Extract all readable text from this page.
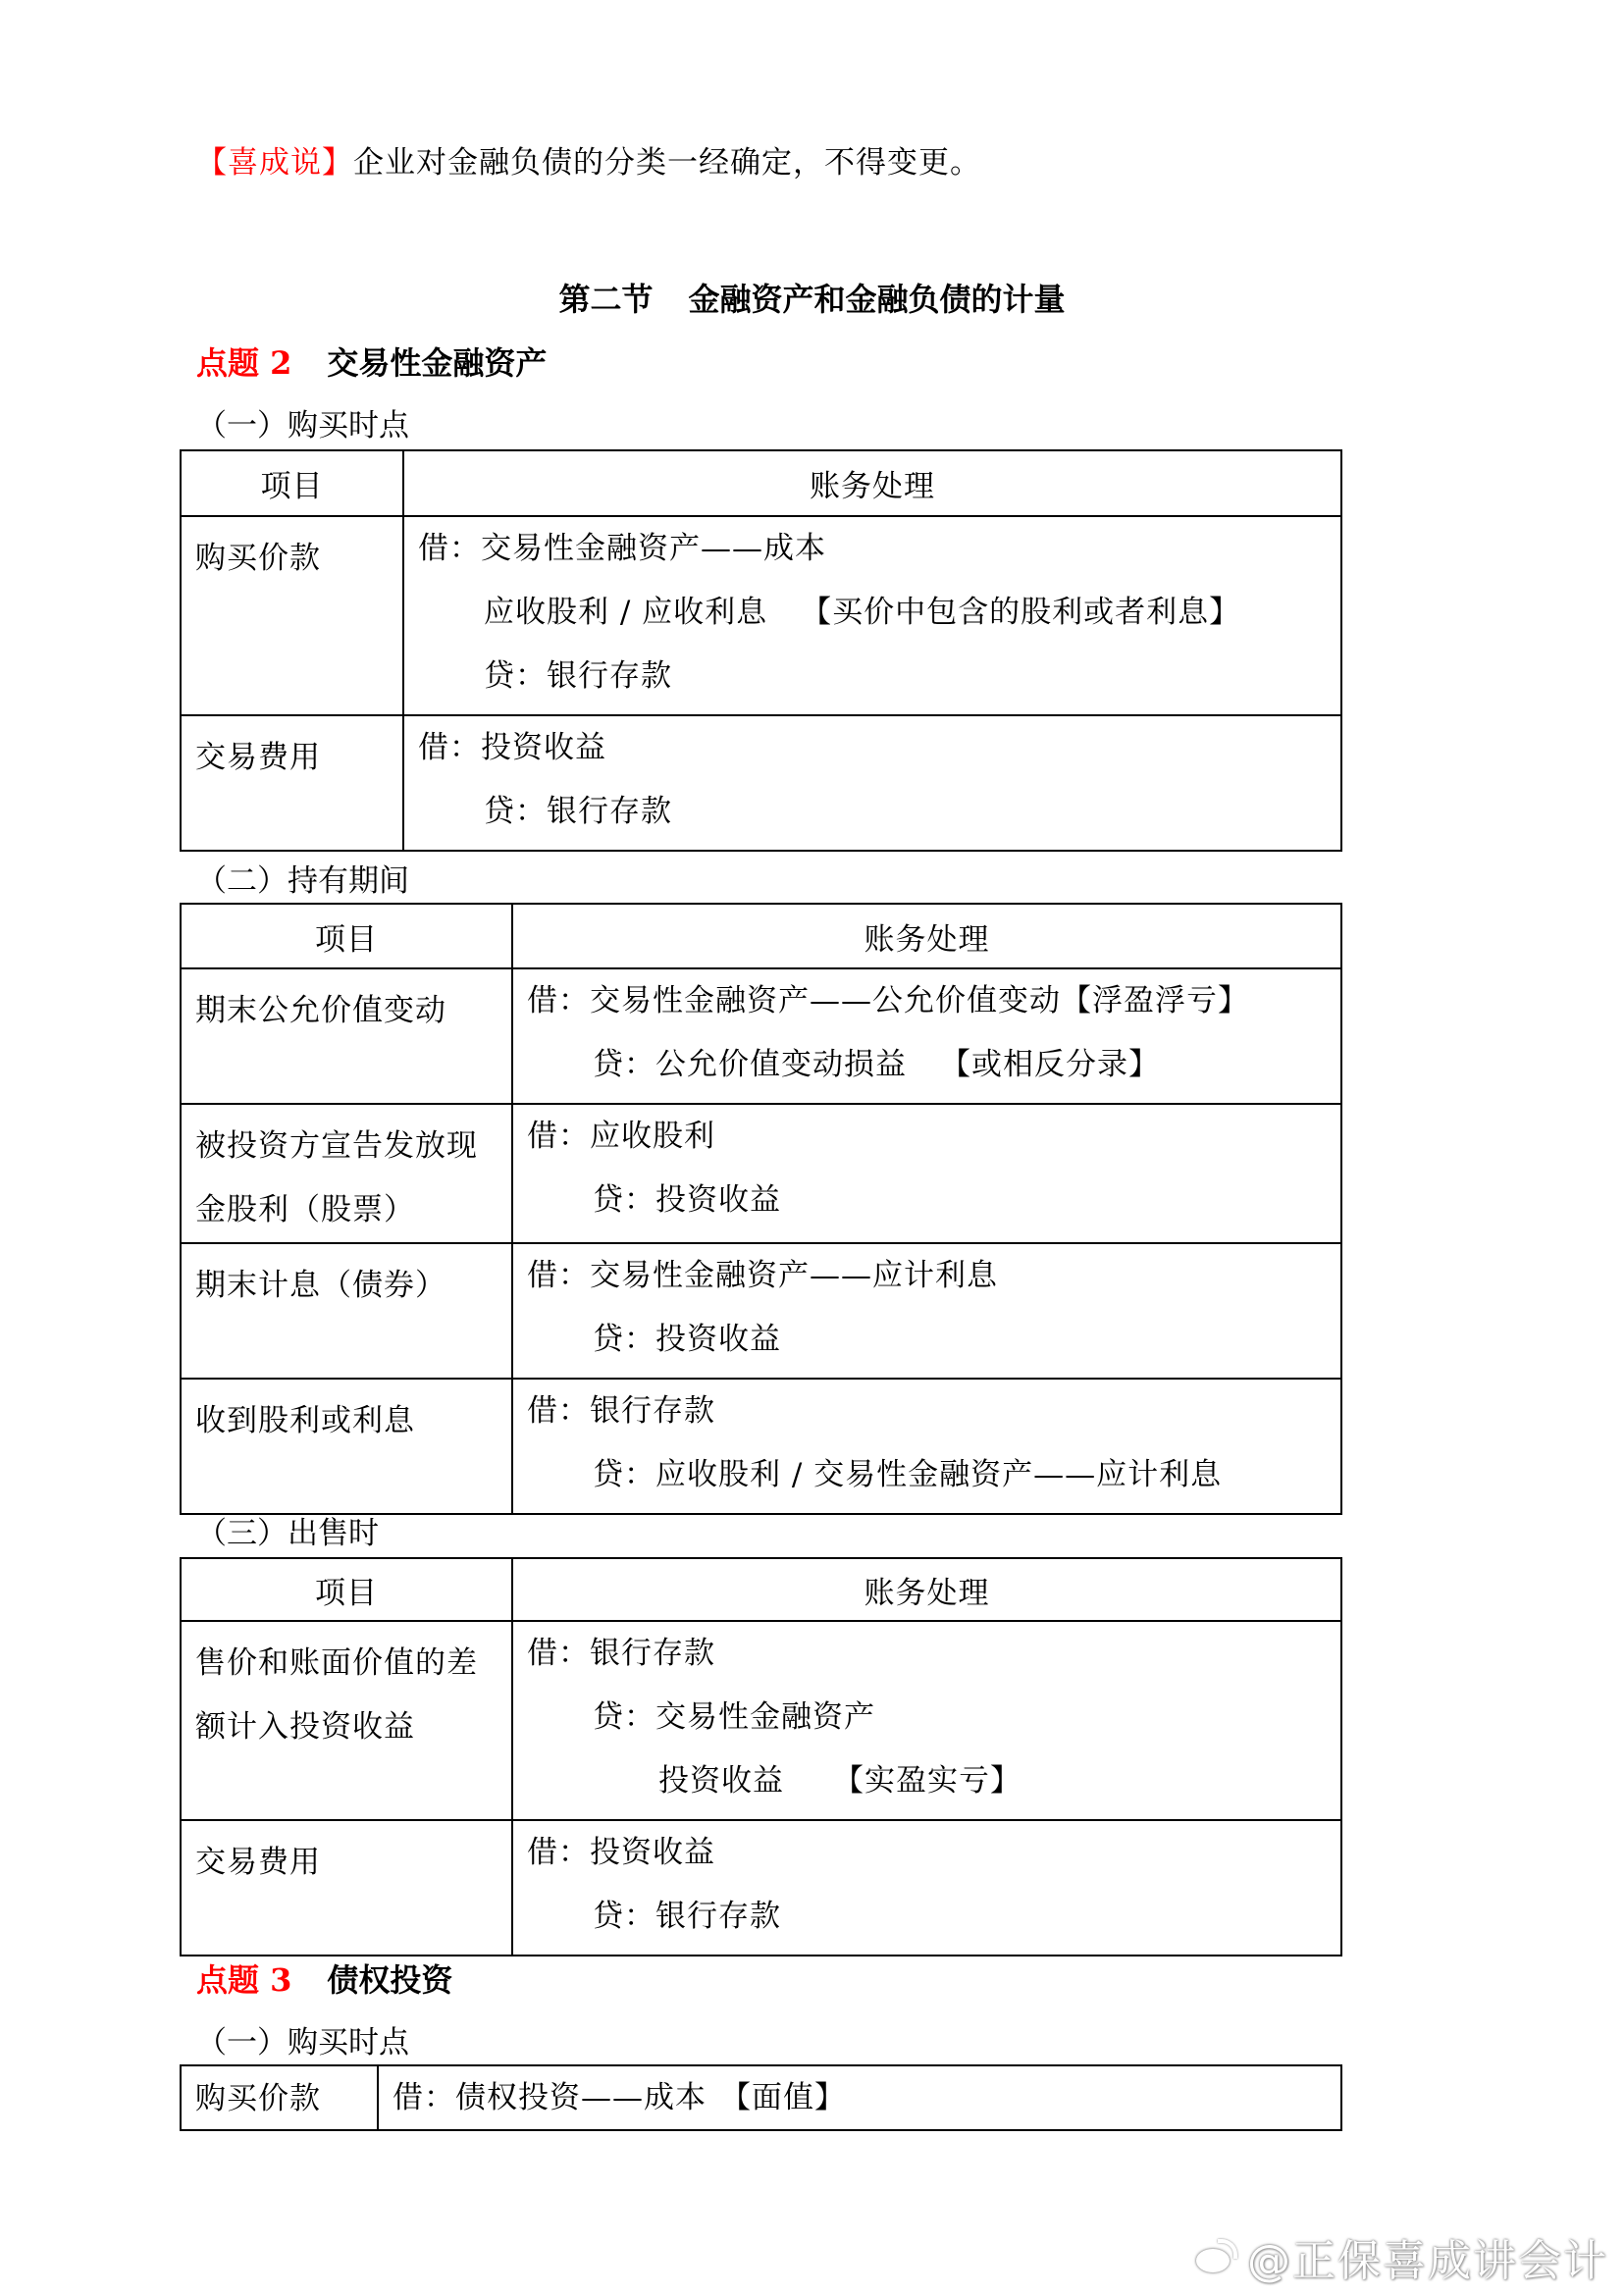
【喜成说】企业对金融负债的分类一经确定，不得变更。
第二节 金融资产和金融负债的计量
点题 2 交易性金融资产
（一）购买时点
项目	账务处理
购买价款	借：交易性金融资产——成本
应收股利 / 应收利息 【买价中包含的股利或者利息】
贷：银行存款

交易费用	借：投资收益
贷：银行存款
（二）持有期间
项目	账务处理
期末公允价值变动	借：交易性金融资产——公允价值变动【浮盈浮亏】
贷：公允价值变动损益 【或相反分录】

被投资方宣告发放现金股利（股票）	借：应收股利
贷：投资收益

期末计息（债券）	借：交易性金融资产——应计利息
贷：投资收益

收到股利或利息	借：银行存款
贷：应收股利 / 交易性金融资产——应计利息
（三）出售时
项目	账务处理
售价和账面价值的差额计入投资收益	借：银行存款
贷：交易性金融资产
投资收益 【实盈实亏】

交易费用	借：投资收益
贷：银行存款
点题 3 债权投资
（一）购买时点
购买价款	借：债权投资——成本 【面值】
@正保喜成讲会计
